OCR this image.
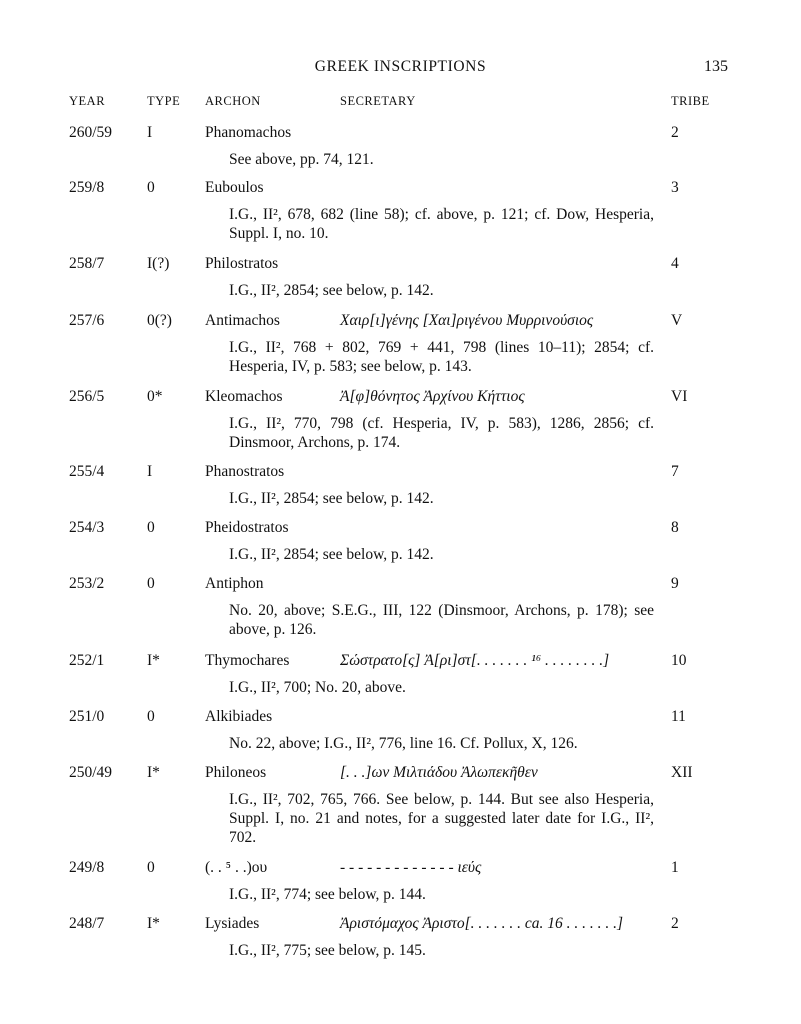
GREEK INSCRIPTIONS	135
YEAR	TYPE ARCHON	SECRETARY	TRIBE
260/59 I	Phanomachos	2
See above, pp. 74, 121.
259/8	0	Euboulos	3
I.G., II², 678, 682 (line 58); cf. above, p. 121; cf. Dow, Hesperia, Suppl. I, no. 10.
258/7	I(?) Philostratos	4
I.G., II², 2854; see below, p. 142.
257/6	0(?) Antimachos	Χαιρ[ι]γένης [Χαι]ριγένου Μυρρινούσιος	V
I.G., II², 768 + 802, 769 + 441, 798 (lines 10–11); 2854; cf. Hesperia, IV, p. 583; see below, p. 143.
256/5	0*	Kleomachos	Ἀ[φ]θόνητος Ἀρχίνου Κήττιος	VI
I.G., II², 770, 798 (cf. Hesperia, IV, p. 583), 1286, 2856; cf. Dinsmoor, Archons, p. 174.
255/4	I	Phanostratos	7
I.G., II², 2854; see below, p. 142.
254/3	0	Pheidostratos	8
I.G., II², 2854; see below, p. 142.
253/2	0	Antiphon	9
No. 20, above; S.E.G., III, 122 (Dinsmoor, Archons, p. 178); see above, p. 126.
252/1	I*	Thymochares	Σώστρατο[ς] Ἀ[ρι]στ[. . . . . . . ¹⁶ . . . . . . . .]	10
I.G., II², 700; No. 20, above.
251/0	0	Alkibiades	11
No. 22, above; I.G., II², 776, line 16. Cf. Pollux, X, 126.
250/49 I*	Philoneos	[. . .]ων Μιλτιάδου Ἀλωπεκῆθεν	XII
I.G., II², 702, 765, 766. See below, p. 144. But see also Hesperia, Suppl. I, no. 21 and notes, for a suggested later date for I.G., II², 702.
249/8	0	(. . ⁵ . .)ου	- - - - - - - - - - - - - ιεύς	1
I.G., II², 774; see below, p. 144.
248/7	I*	Lysiades	Ἀριστόμαχος Ἀριστο[. . . . . . . ca. 16 . . . . . . .]	2
I.G., II², 775; see below, p. 145.
